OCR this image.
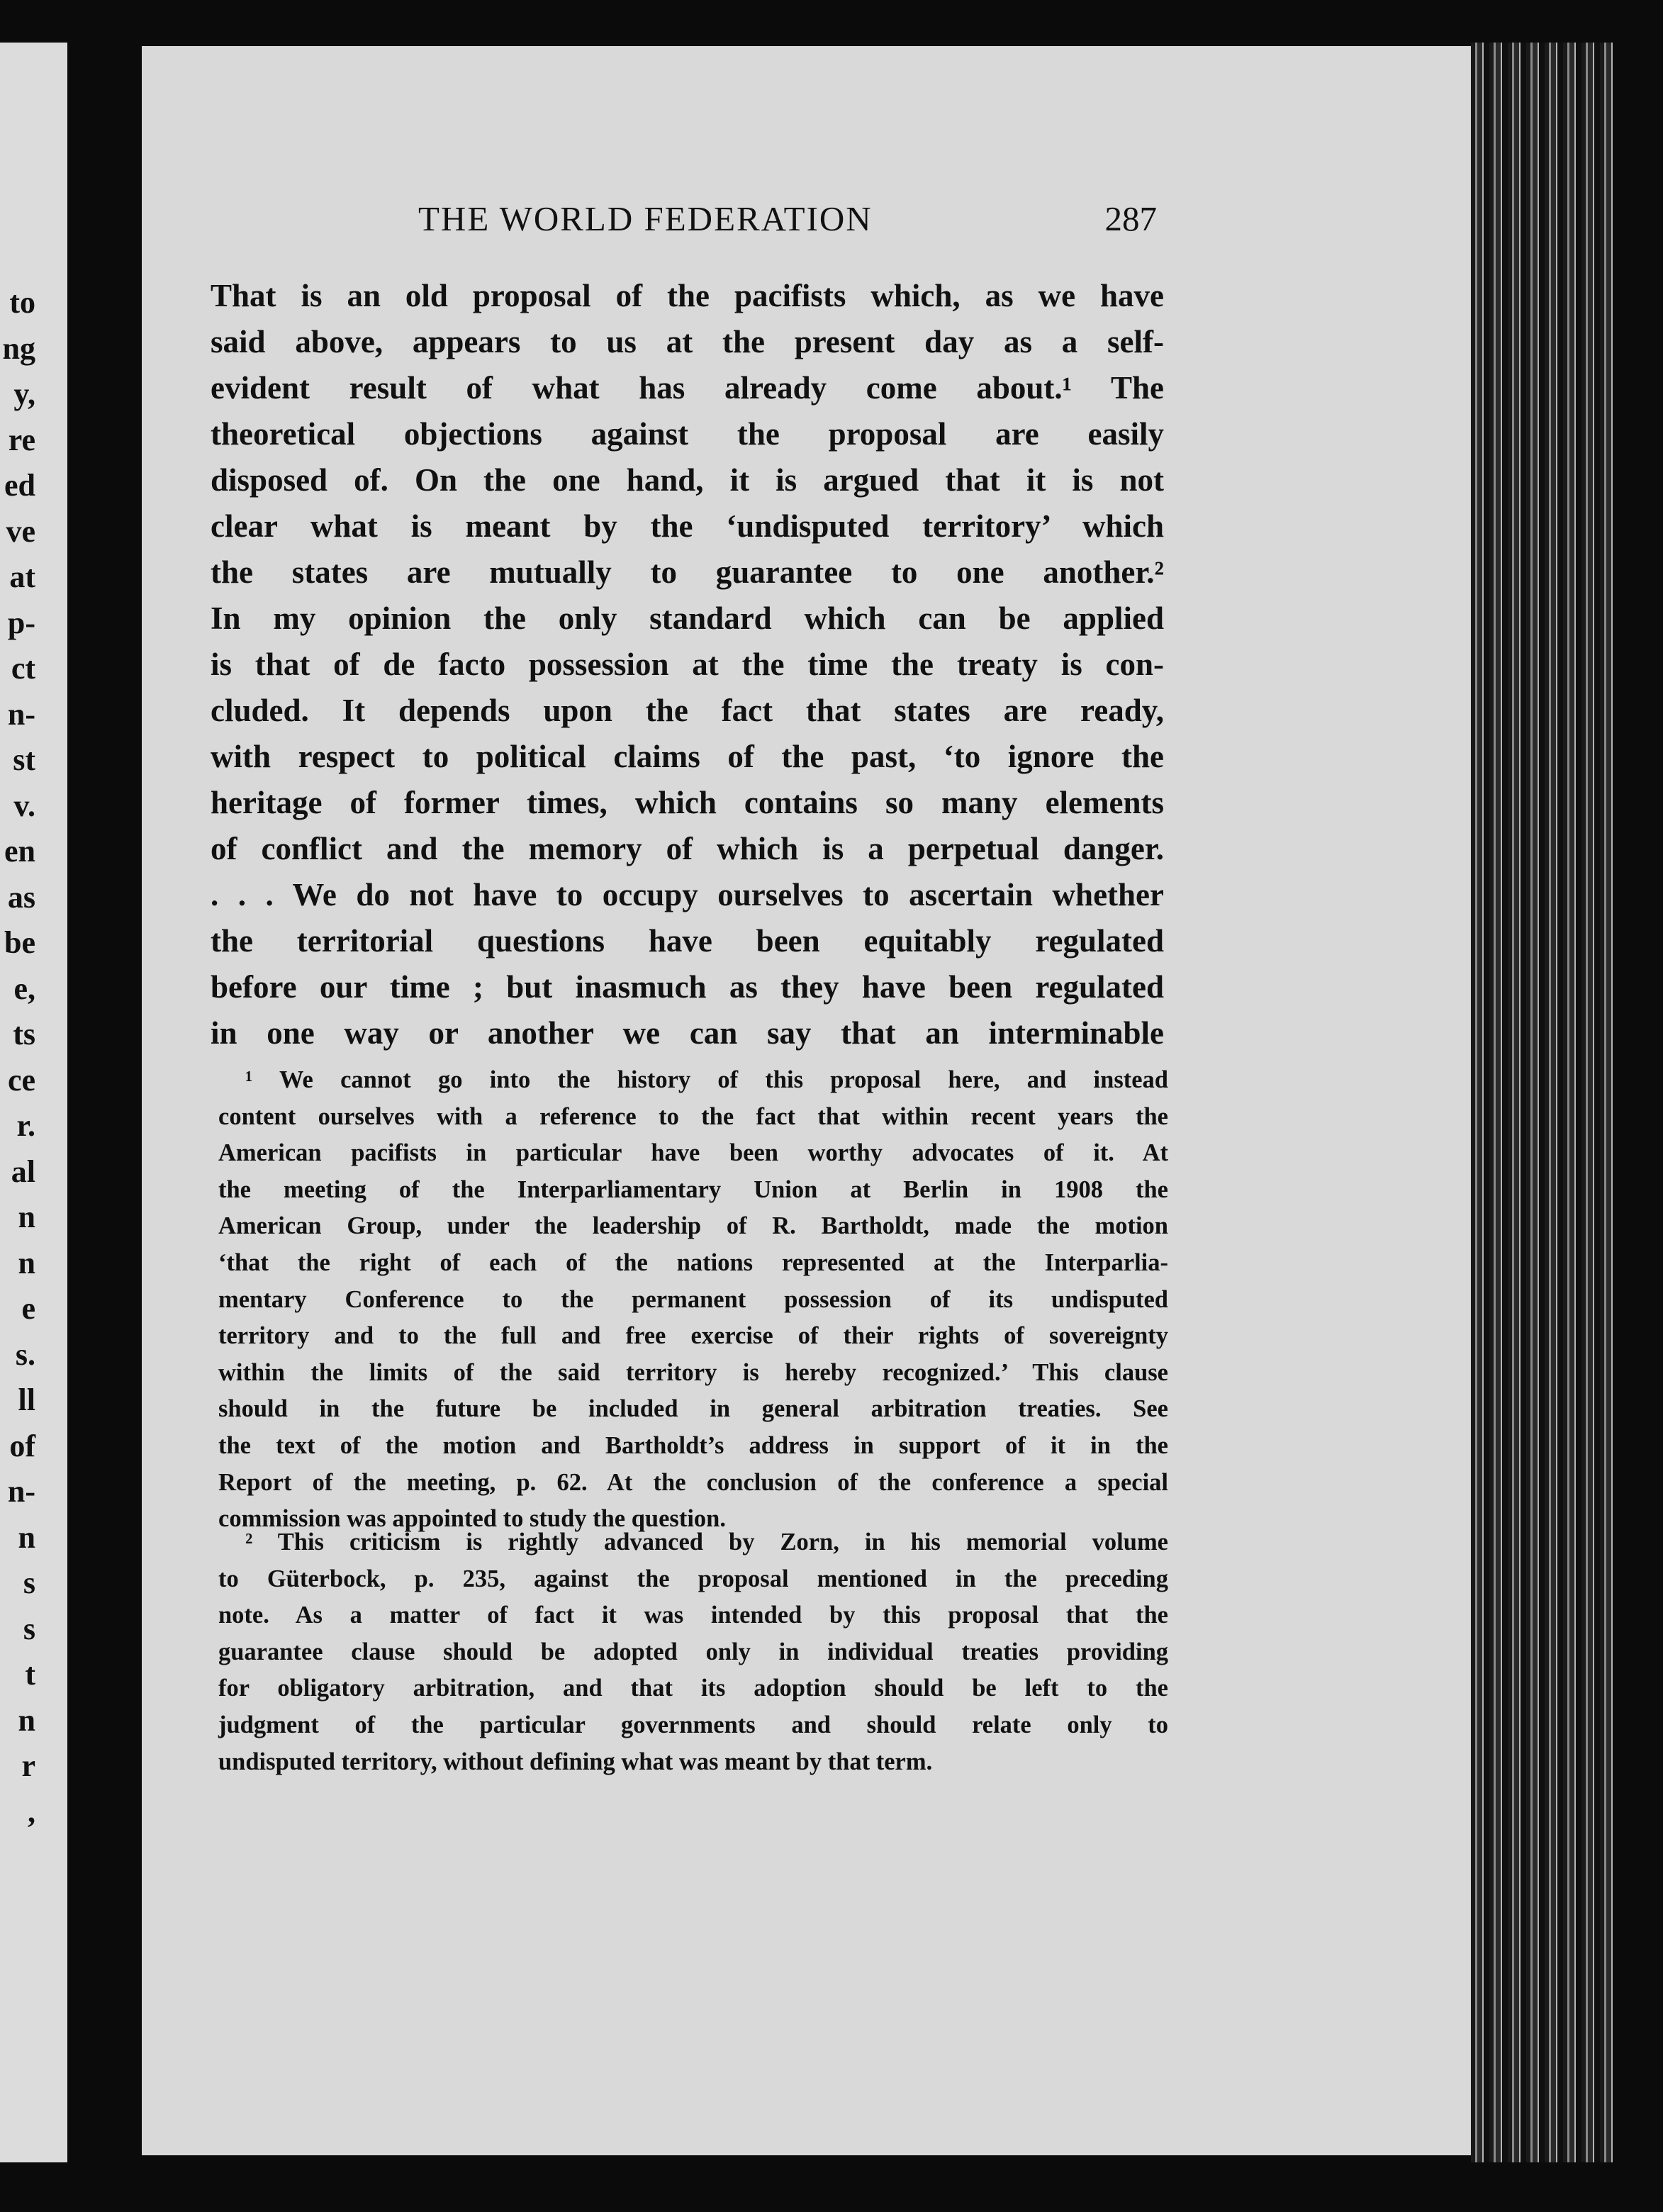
to
ng
y,
re
ed
ve
at
p-
ct
n-
st
v.
en
as
be
e,
ts
ce
r.
al
n
n
e
s.
ll
of
n-
n
s
s
t
n
r
,
THE WORLD FEDERATION	287
That is an old proposal of the pacifists which, as we have
said above, appears to us at the present day as a self-
evident result of what has already come about.¹ The
theoretical objections against the proposal are easily
disposed of. On the one hand, it is argued that it is not
clear what is meant by the ‘undisputed territory’ which
the states are mutually to guarantee to one another.²
In my opinion the only standard which can be applied
is that of de facto possession at the time the treaty is con-
cluded. It depends upon the fact that states are ready,
with respect to political claims of the past, ‘to ignore the
heritage of former times, which contains so many elements
of conflict and the memory of which is a perpetual danger.
. . . We do not have to occupy ourselves to ascertain whether
the territorial questions have been equitably regulated
before our time ; but inasmuch as they have been regulated
in one way or another we can say that an interminable
¹ We cannot go into the history of this proposal here, and instead
content ourselves with a reference to the fact that within recent years the
American pacifists in particular have been worthy advocates of it. At
the meeting of the Interparliamentary Union at Berlin in 1908 the
American Group, under the leadership of R. Bartholdt, made the motion
‘that the right of each of the nations represented at the Interparlia-
mentary Conference to the permanent possession of its undisputed
territory and to the full and free exercise of their rights of sovereignty
within the limits of the said territory is hereby recognized.’ This clause
should in the future be included in general arbitration treaties. See
the text of the motion and Bartholdt’s address in support of it in the
Report of the meeting, p. 62. At the conclusion of the conference a special
commission was appointed to study the question.
² This criticism is rightly advanced by Zorn, in his memorial volume
to Güterbock, p. 235, against the proposal mentioned in the preceding
note. As a matter of fact it was intended by this proposal that the
guarantee clause should be adopted only in individual treaties providing
for obligatory arbitration, and that its adoption should be left to the
judgment of the particular governments and should relate only to
undisputed territory, without defining what was meant by that term.
